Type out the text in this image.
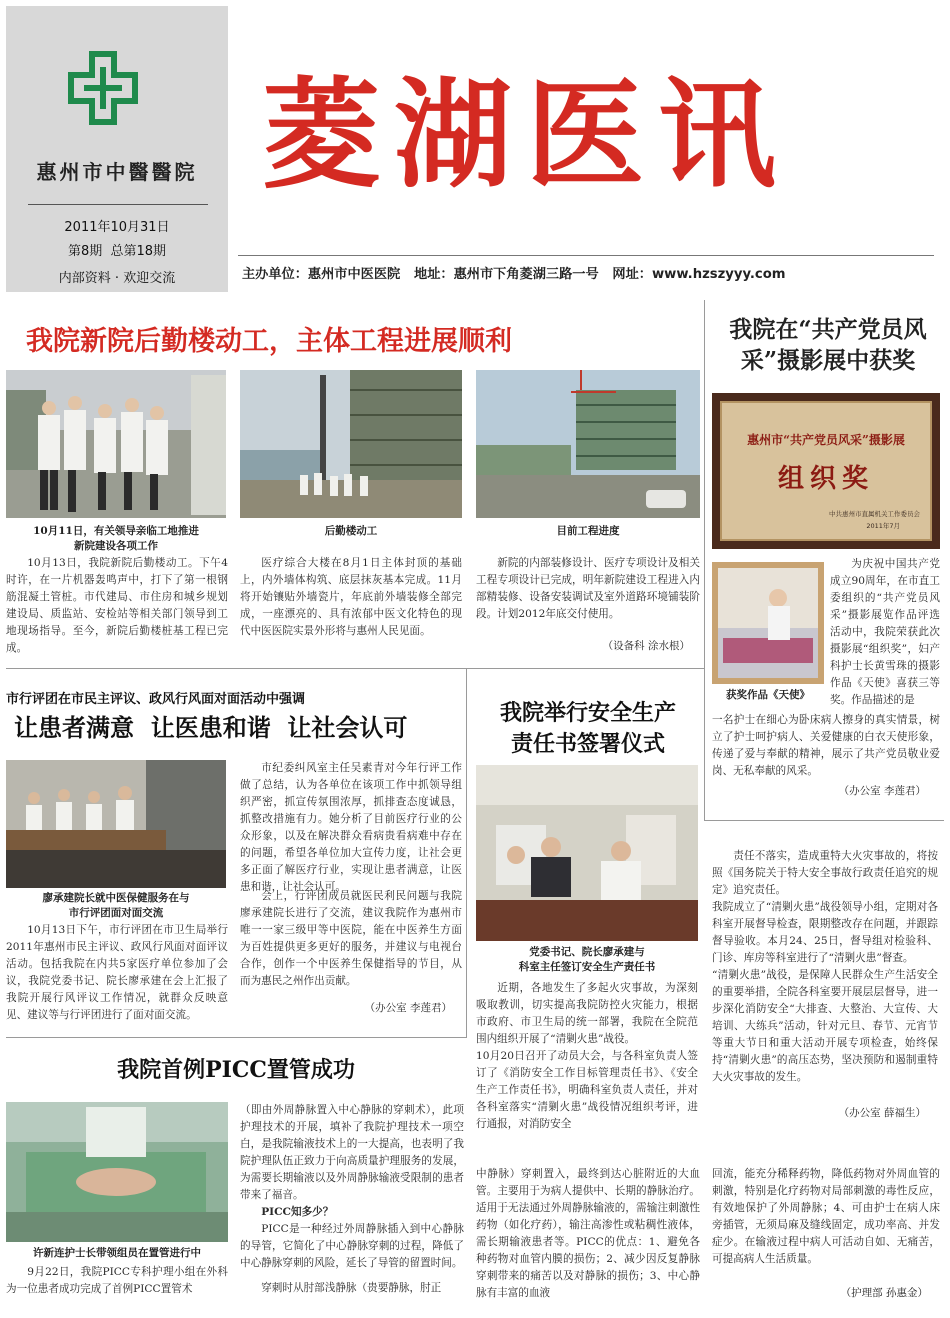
惠州市中醫醫院
2011年10月31日
第8期  总第18期
内部资料 · 欢迎交流
菱湖医讯
主办单位：惠州市中医医院   地址：惠州市下角菱湖三路一号   网址：www.hzszyyy.com
我院新院后勤楼动工，主体工程进展顺利
10月11日，有关领导亲临工地推进
新院建设各项工作
后勤楼动工	目前工程进度
10月13日，我院新院后勤楼动工。下午4时许，在一片机器轰鸣声中，打下了第一根钢筋混凝土管桩。市代建局、市住房和城乡规划建设局、质监站、安检站等相关部门领导到工地现场指导。至今，新院后勤楼桩基工程已完成。
医疗综合大楼在8月1日主体封顶的基础上，内外墙体构筑、底层抹灰基本完成。11月将开始镶贴外墙瓷片，年底前外墙装修全部完成，一座漂亮的、具有浓郁中医文化特色的现代中医医院实景外形将与惠州人民见面。
新院的内部装修设计、医疗专项设计及相关工程专项设计已完成，明年新院建设工程进入内部精装修、设备安装调试及室外道路环境铺装阶段。计划2012年底交付使用。
（设备科 涂水根）
我院在“共产党员风采”摄影展中获奖
惠州市“共产党员风采”摄影展
组织奖
中共惠州市直属机关工作委员会
2011年7月
获奖作品《天使》
为庆祝中国共产党成立90周年，在市直工委组织的“共产党员风采”摄影展览作品评选活动中，我院荣获此次摄影展“组织奖”，妇产科护士长黄雪珠的摄影作品《天使》喜获三等奖。作品描述的是
一名护士在细心为卧床病人擦身的真实情景，树立了护士呵护病人、关爱健康的白衣天使形象，传递了爱与奉献的精神，展示了共产党员敬业爱岗、无私奉献的风采。
（办公室 李莲君）
市行评团在市民主评议、政风行风面对面活动中强调
让患者满意  让医患和谐  让社会认可
廖承建院长就中医保健服务在与
市行评团面对面交流
10月13日下午，市行评团在市卫生局举行2011年惠州市民主评议、政风行风面对面评议活动。包括我院在内共5家医疗单位参加了会议，我院党委书记、院长廖承建在会上汇报了我院开展行风评议工作情况，就群众反映意见、建议等与行评团进行了面对面交流。
市纪委纠风室主任吴素青对今年行评工作做了总结，认为各单位在该项工作中抓领导组织严密，抓宣传氛围浓厚，抓排查态度诚恳，抓整改措施有力。她分析了目前医疗行业的公众形象，以及在解决群众看病贵看病难中存在的问题，希望各单位加大宣传力度，让社会更多正面了解医疗行业，实现让患者满意，让医患和谐，让社会认可。
会上，行评团成员就医民利民问题与我院廖承建院长进行了交流，建议我院作为惠州市唯一一家三级甲等中医院，能在中医养生方面为百姓提供更多更好的服务，并建议与电视台合作，创作一个中医养生保健指导的节目，从而为惠民之州作出贡献。
（办公室 李莲君）
我院举行安全生产
责任书签署仪式
党委书记、院长廖承建与
科室主任签订安全生产责任书
近期，各地发生了多起火灾事故，为深刻吸取教训，切实提高我院防控火灾能力，根据市政府、市卫生局的统一部署，我院在全院范围内组织开展了“清剿火患”战役。
10月20日召开了动员大会，与各科室负责人签订了《消防安全工作目标管理责任书》、《安全生产工作责任书》，明确科室负责人责任，并对各科室落实“清剿火患”战役情况组织考评，进行通报，对消防安全
责任不落实，造成重特大火灾事故的，将按照《国务院关于特大安全事故行政责任追究的规定》追究责任。
我院成立了“清剿火患”战役领导小组，定期对各科室开展督导检查，限期整改存在问题，并跟踪督导验收。本月24、25日，督导组对检验科、门诊、库房等科室进行了“清剿火患”督查。
“清剿火患”战役，是保障人民群众生产生活安全的重要举措，全院各科室要开展层层督导，进一步深化消防安全“大排查、大整治、大宣传、大培训、大练兵”活动，针对元旦、春节、元宵节等重大节日和重大活动开展专项检查，始终保持“清剿火患”的高压态势，坚决预防和遏制重特大火灾事故的发生。
（办公室 薛福生）
我院首例PICC置管成功
许新连护士长带领组员在置管进行中
9月22日，我院PICC专科护理小组在外科为一位患者成功完成了首例PICC置管术
（即由外周静脉置入中心静脉的穿刺术），此项护理技术的开展，填补了我院护理技术一项空白，是我院输液技术上的一大提高，也表明了我院护理队伍正致力于向高质量护理服务的发展，为需要长期输液以及外周静脉输液受限制的患者带来了福音。
PICC知多少？
PICC是一种经过外周静脉插入到中心静脉的导管，它简化了中心静脉穿刺的过程，降低了中心静脉穿刺的风险，延长了导管的留置时间。
穿刺时从肘部浅静脉（贵要静脉，肘正
中静脉）穿刺置入，最终到达心脏附近的大血管。主要用于为病人提供中、长期的静脉治疗。适用于无法通过外周静脉输液的，需输注刺激性药物（如化疗药），输注高渗性或粘稠性液体，需长期输液患者等。PICC的优点：1、避免各种药物对血管内膜的损伤；2、减少因反复静脉穿刺带来的痛苦以及对静脉的损伤；3、中心静脉有丰富的血液
回流，能充分稀释药物，降低药物对外周血管的刺激，特别是化疗药物对局部刺激的毒性反应，有效地保护了外周静脉；4、可由护士在病人床旁插管，无须局麻及缝线固定，成功率高、并发症少。在输液过程中病人可活动自如、无痛苦，可提高病人生活质量。
（护理部 孙惠金）
